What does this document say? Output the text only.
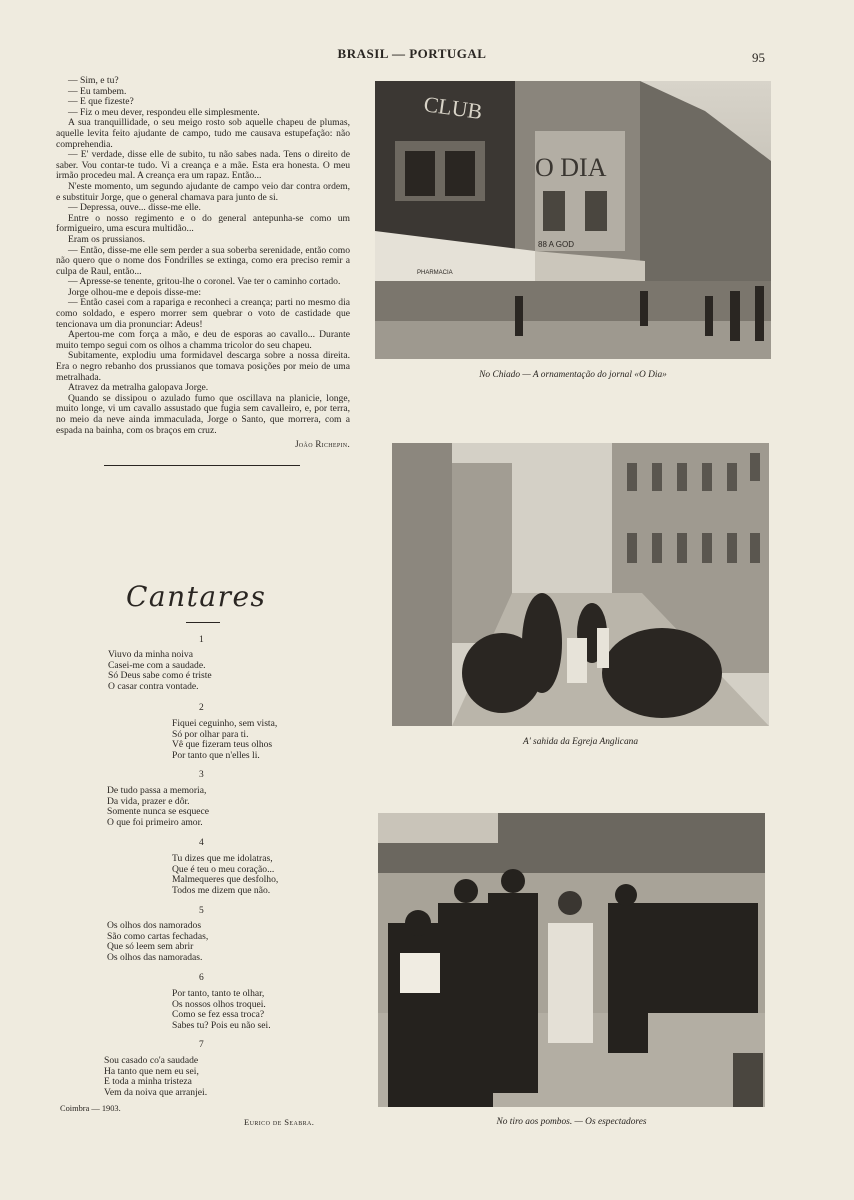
BRASIL — PORTUGAL	95

— Sim, e tu?

— Eu tambem.

— E que fizeste?

— Fiz o meu dever, respondeu elle simplesmente.

A sua tranquillidade, o seu meigo rosto sob aquelle chapeu de plumas, aquelle levita feito ajudante de campo, tudo me causava estupefação: não comprehendia.

— E' verdade, disse elle de subito, tu não sabes nada. Tens o direito de saber. Vou contar-te tudo. Vi a creança e a mãe. Esta era honesta. O meu irmão procedeu mal. A creança era um rapaz. Então...

N'este momento, um segundo ajudante de campo veio dar contra ordem, e substituir Jorge, que o general chamava para junto de si.

— Depressa, ouve... disse-me elle.

Entre o nosso regimento e o do general antepunha-se como um formigueiro, uma escura multidão...

Eram os prussianos.

— Então, disse-me elle sem perder a sua soberba serenidade, então como não quero que o nome dos Fondrilles se extinga, como era preciso remir a culpa de Raul, então...

— Apresse-se tenente, gritou-lhe o coronel. Vae ter o caminho cortado.

Jorge olhou-me e depois disse-me:

— Então casei com a rapariga e reconheci a creança; parti no mesmo dia como soldado, e espero morrer sem quebrar o voto de castidade que tencionava um dia pronunciar: Adeus!

Apertou-me com força a mão, e deu de esporas ao cavallo... Durante muito tempo segui com os olhos a chamma tricolor do seu chapeu.

Subitamente, explodiu uma formidavel descarga sobre a nossa direita. Era o negro rebanho dos prussianos que tomava posições por meio de uma metralhada.

Atravez da metralha galopava Jorge.

Quando se dissipou o azulado fumo que oscillava na planicie, longe, muito longe, vi um cavallo assustado que fugia sem cavalleiro, e, por terra, no meio da neve ainda immaculada, Jorge o Santo, que morrera, com a espada na bainha, com os braços em cruz.

João Richepin.
Cantares
1
Viuvo da minha noiva
Casei-me com a saudade.
Só Deus sabe como é triste
O casar contra vontade.
2
Fiquei ceguinho, sem vista,
Só por olhar para ti.
Vê que fizeram teus olhos
Por tanto que n'elles li.
3
De tudo passa a memoria,
Da vida, prazer e dôr.
Somente nunca se esquece
O que foi primeiro amor.
4
Tu dizes que me idolatras,
Que é teu o meu coração...
Malmequeres que desfolho,
Todos me dizem que não.
5
Os olhos dos namorados
São como cartas fechadas,
Que só leem sem abrir
Os olhos das namoradas.
6
Por tanto, tanto te olhar,
Os nossos olhos troquei.
Como se fez essa troca?
Sabes tu? Pois eu não sei.
7
Sou casado co'a saudade
Ha tanto que nem eu sei,
E toda a minha tristeza
Vem da noiva que arranjei.
Coimbra — 1903.
Eurico de Seabra.
CLUB
O DIA
PHARMACIA
88 A GOD
No Chiado — A ornamentação do jornal «O Dia»
A' sahida da Egreja Anglicana
No tiro aos pombos. — Os espectadores
